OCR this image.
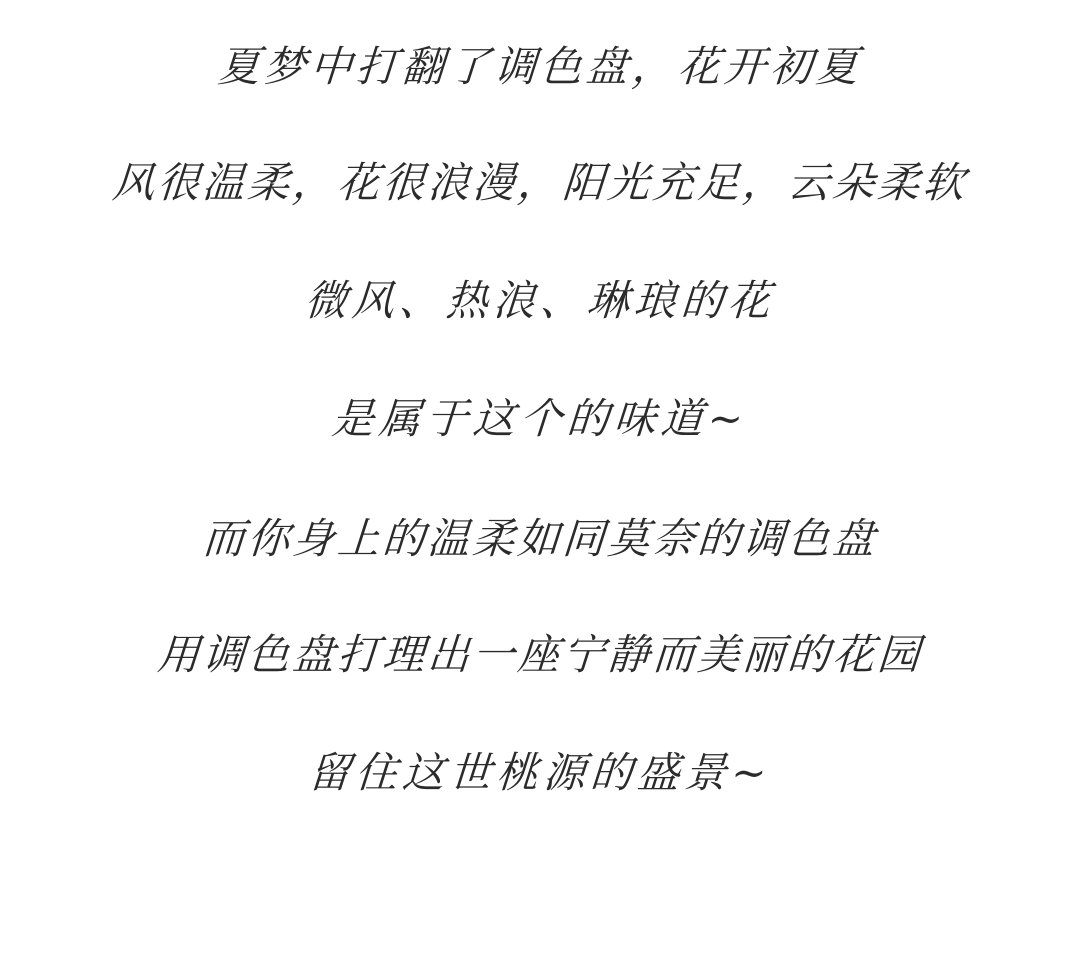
夏梦中打翻了调色盘，花开初夏
风很温柔，花很浪漫，阳光充足，云朵柔软
微风、热浪、琳琅的花
是属于这个的味道~
而你身上的温柔如同莫奈的调色盘
用调色盘打理出一座宁静而美丽的花园
留住这世桃源的盛景~
